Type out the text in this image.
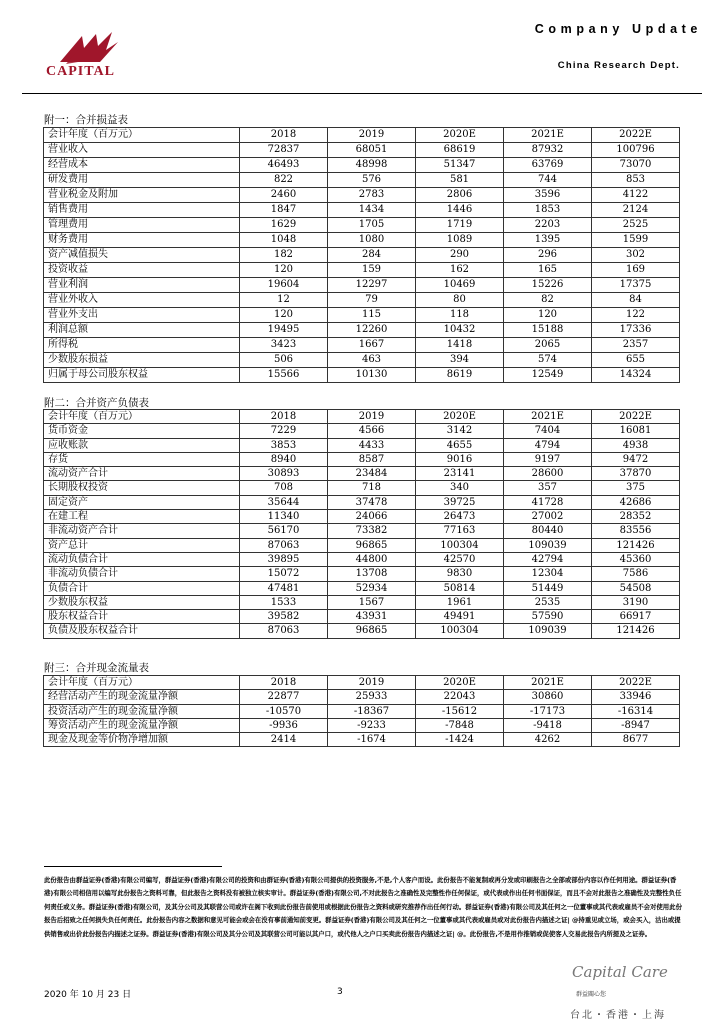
CAPITAL
Company Update
China Research Dept.
附一：合并损益表
会计年度（百万元）	2018	2019	2020E	2021E	2022E
营业收入	72837	68051	68619	87932	100796
经营成本	46493	48998	51347	63769	73070
研发费用	822	576	581	744	853
营业税金及附加	2460	2783	2806	3596	4122
销售费用	1847	1434	1446	1853	2124
管理费用	1629	1705	1719	2203	2525
财务费用	1048	1080	1089	1395	1599
资产减值损失	182	284	290	296	302
投资收益	120	159	162	165	169
营业利润	19604	12297	10469	15226	17375
营业外收入	12	79	80	82	84
营业外支出	120	115	118	120	122
利润总额	19495	12260	10432	15188	17336
所得税	3423	1667	1418	2065	2357
少数股东损益	506	463	394	574	655
归属于母公司股东权益	15566	10130	8619	12549	14324
附二：合并资产负债表
会计年度（百万元）	2018	2019	2020E	2021E	2022E
货币资金	7229	4566	3142	7404	16081
应收账款	3853	4433	4655	4794	4938
存货	8940	8587	9016	9197	9472
流动资产合计	30893	23484	23141	28600	37870
长期股权投资	708	718	340	357	375
固定资产	35644	37478	39725	41728	42686
在建工程	11340	24066	26473	27002	28352
非流动资产合计	56170	73382	77163	80440	83556
资产总计	87063	96865	100304	109039	121426
流动负债合计	39895	44800	42570	42794	45360
非流动负债合计	15072	13708	9830	12304	7586
负债合计	47481	52934	50814	51449	54508
少数股东权益	1533	1567	1961	2535	3190
股东权益合计	39582	43931	49491	57590	66917
负债及股东权益合计	87063	96865	100304	109039	121426
附三：合并现金流量表
会计年度（百万元）	2018	2019	2020E	2021E	2022E
经营活动产生的现金流量净额	22877	25933	22043	30860	33946
投资活动产生的现金流量净额	-10570	-18367	-15612	-17173	-16314
筹资活动产生的现金流量净额	-9936	-9233	-7848	-9418	-8947
现金及现金等价物净增加额	2414	-1674	-1424	4262	8677
此份报告由群益证券(香港)有限公司编写，群益证券(香港)有限公司的投资和由群证券(香港)有限公司提供的投资服务,不是,个人客户而设。此份报告不能复制或再分发或印刷报告之全部或部份内容以作任何用途。群益证券(香港)有限公司相信用以编写此份报告之资料可靠，但此报告之资料没有被独立核实审计。群益证券(香港)有限公司,不对此报告之准确性及完整性作任何保证，或代表或作出任何书面保证，而且不会对此报告之准确性及完整性负任何责任或义务。群益证券(香港)有限公司，及其分公司及其联营公司或许在阁下收到此份报告前使用或根据此份报告之资料或研究推荐作出任何行动。群益证券(香港)有限公司及其任何之一位董事或其代表或雇员不会对使用此份报告后招致之任何损失负任何责任。此份报告内容之数据和意见可能会或会在没有事前通知前变更。群益证券(香港)有限公司及其任何之一位董事或其代表或雇员或对此份报告内描述之证| @持重见或立场，或会买入，沽出或提供销售或出价此份报告内描述之证券。群益证券(香港)有限公司及其分公司及其联营公司可能以其户口，或代他人之户口买卖此份报告内描述之证| @。此份报告,不是用作推销或促使客人交易此报告内所提及之证券。
2020 年 10 月 23 日	3
Capital Care 群益關心您
台北・香港・上海
